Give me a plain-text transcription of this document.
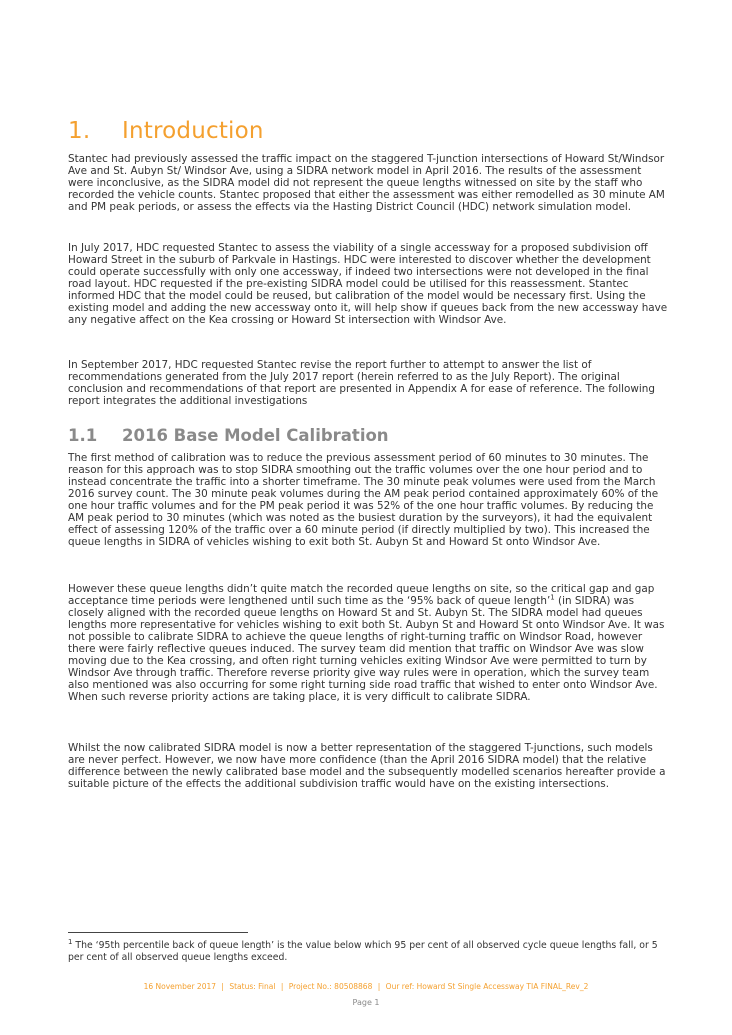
1. Introduction

Stantec had previously assessed the traffic impact on the staggered T-junction intersections of Howard St/Windsor Ave and St. Aubyn St/ Windsor Ave, using a SIDRA network model in April 2016. The results of the assessment were inconclusive, as the SIDRA model did not represent the queue lengths witnessed on site by the staff who recorded the vehicle counts. Stantec proposed that either the assessment was either remodelled as 30 minute AM and PM peak periods, or assess the effects via the Hasting District Council (HDC) network simulation model.

In July 2017, HDC requested Stantec to assess the viability of a single accessway for a proposed subdivision off Howard Street in the suburb of Parkvale in Hastings. HDC were interested to discover whether the development could operate successfully with only one accessway, if indeed two intersections were not developed in the final road layout. HDC requested if the pre-existing SIDRA model could be utilised for this reassessment. Stantec informed HDC that the model could be reused, but calibration of the model would be necessary first. Using the existing model and adding the new accessway onto it, will help show if queues back from the new accessway have any negative affect on the Kea crossing or Howard St intersection with Windsor Ave.

In September 2017, HDC requested Stantec revise the report further to attempt to answer the list of recommendations generated from the July 2017 report (herein referred to as the July Report). The original conclusion and recommendations of that report are presented in Appendix A for ease of reference. The following report integrates the additional investigations

1.1 2016 Base Model Calibration

The first method of calibration was to reduce the previous assessment period of 60 minutes to 30 minutes. The reason for this approach was to stop SIDRA smoothing out the traffic volumes over the one hour period and to instead concentrate the traffic into a shorter timeframe. The 30 minute peak volumes were used from the March 2016 survey count. The 30 minute peak volumes during the AM peak period contained approximately 60% of the one hour traffic volumes and for the PM peak period it was 52% of the one hour traffic volumes. By reducing the AM peak period to 30 minutes (which was noted as the busiest duration by the surveyors), it had the equivalent effect of assessing 120% of the traffic over a 60 minute period (if directly multiplied by two). This increased the queue lengths in SIDRA of vehicles wishing to exit both St. Aubyn St and Howard St onto Windsor Ave.

However these queue lengths didn’t quite match the recorded queue lengths on site, so the critical gap and gap acceptance time periods were lengthened until such time as the ‘95% back of queue length’$^1$ (in SIDRA) was closely aligned with the recorded queue lengths on Howard St and St. Aubyn St. The SIDRA model had queues lengths more representative for vehicles wishing to exit both St. Aubyn St and Howard St onto Windsor Ave. It was not possible to calibrate SIDRA to achieve the queue lengths of right-turning traffic on Windsor Road, however there were fairly reflective queues induced. The survey team did mention that traffic on Windsor Ave was slow moving due to the Kea crossing, and often right turning vehicles exiting Windsor Ave were permitted to turn by Windsor Ave through traffic. Therefore reverse priority give way rules were in operation, which the survey team also mentioned was also occurring for some right turning side road traffic that wished to enter onto Windsor Ave. When such reverse priority actions are taking place, it is very difficult to calibrate SIDRA.

Whilst the now calibrated SIDRA model is now a better representation of the staggered T-junctions, such models are never perfect. However, we now have more confidence (than the April 2016 SIDRA model) that the relative difference between the newly calibrated base model and the subsequently modelled scenarios hereafter provide a suitable picture of the effects the additional subdivision traffic would have on the existing intersections.

$^1$ The ‘95th percentile back of queue length’ is the value below which 95 per cent of all observed cycle queue lengths fall, or 5 per cent of all observed queue lengths exceed.

16 November 2017 | Status: Final | Project No.: 80508868 | Our ref: Howard St Single Accessway TIA FINAL_Rev_2
Page 1
